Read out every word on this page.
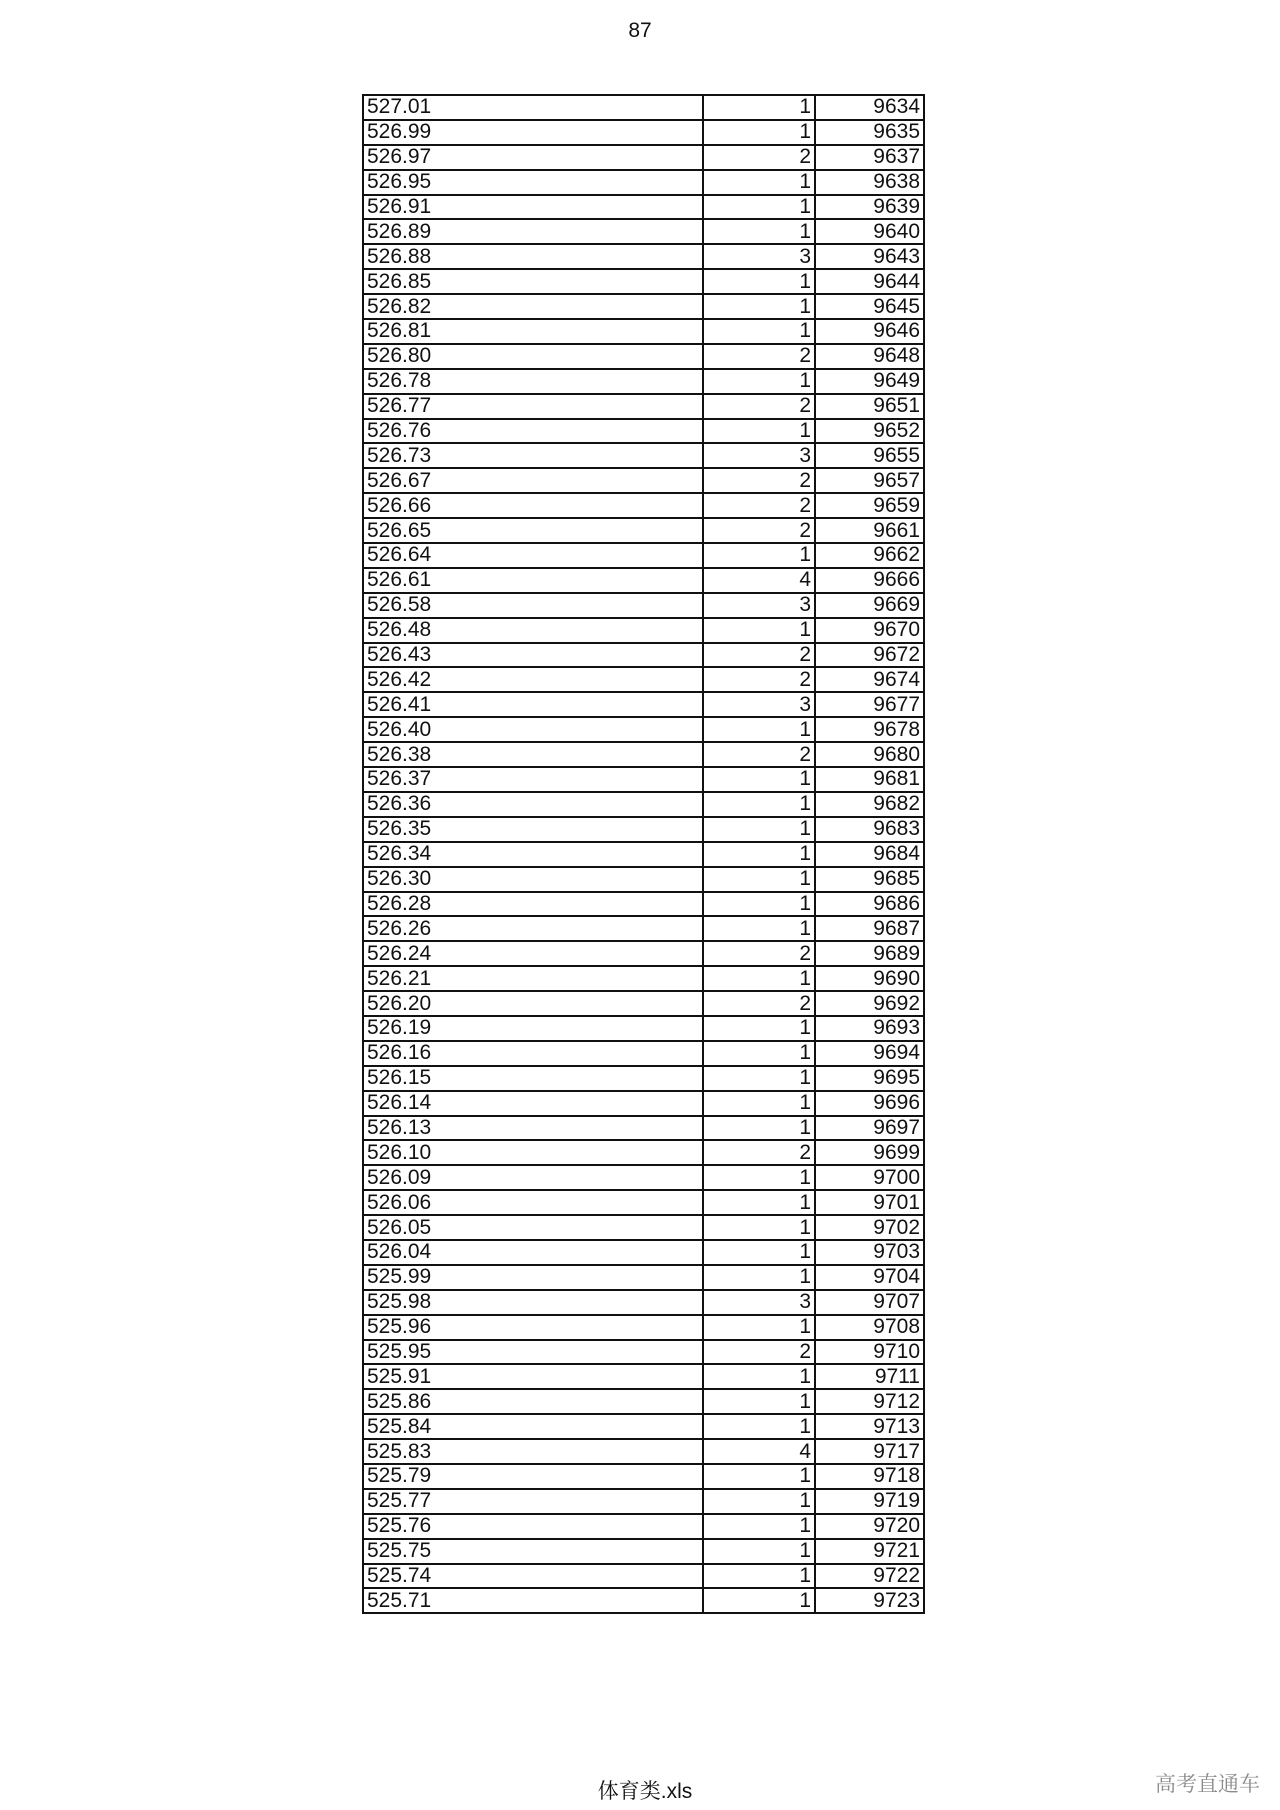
87
527.01	1	9634
526.99	1	9635
526.97	2	9637
526.95	1	9638
526.91	1	9639
526.89	1	9640
526.88	3	9643
526.85	1	9644
526.82	1	9645
526.81	1	9646
526.80	2	9648
526.78	1	9649
526.77	2	9651
526.76	1	9652
526.73	3	9655
526.67	2	9657
526.66	2	9659
526.65	2	9661
526.64	1	9662
526.61	4	9666
526.58	3	9669
526.48	1	9670
526.43	2	9672
526.42	2	9674
526.41	3	9677
526.40	1	9678
526.38	2	9680
526.37	1	9681
526.36	1	9682
526.35	1	9683
526.34	1	9684
526.30	1	9685
526.28	1	9686
526.26	1	9687
526.24	2	9689
526.21	1	9690
526.20	2	9692
526.19	1	9693
526.16	1	9694
526.15	1	9695
526.14	1	9696
526.13	1	9697
526.10	2	9699
526.09	1	9700
526.06	1	9701
526.05	1	9702
526.04	1	9703
525.99	1	9704
525.98	3	9707
525.96	1	9708
525.95	2	9710
525.91	1	9711
525.86	1	9712
525.84	1	9713
525.83	4	9717
525.79	1	9718
525.77	1	9719
525.76	1	9720
525.75	1	9721
525.74	1	9722
525.71	1	9723
体育类.xls	高考直通车
